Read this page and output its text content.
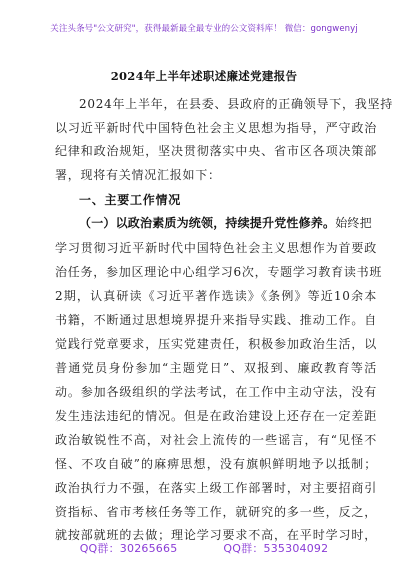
关注头条号"公文研究"，获得最新最全最专业的公文资料库！ 微信：gongwenyj
2024年上半年述职述廉述党建报告
2024年上半年，在县委、县政府的正确领导下，我坚持
以习近平新时代中国特色社会主义思想为指导，严守政治
纪律和政治规矩，坚决贯彻落实中央、省市区各项决策部
署，现将有关情况汇报如下：
一、主要工作情况
（一）以政治素质为统领，持续提升党性修养。始终把
学习贯彻习近平新时代中国特色社会主义思想作为首要政
治任务，参加区理论中心组学习6次，专题学习教育读书班
2期，认真研读《习近平著作选读》《条例》等近10余本
书籍，不断通过思想境界提升来指导实践、推动工作。自
觉践行党章要求，压实党建责任，积极参加政治生活，以
普通党员身份参加“主题党日”、双报到、廉政教育等活
动。参加各级组织的学法考试，在工作中主动守法，没有
发生违法违纪的情况。但是在政治建设上还存在一定差距
政治敏锐性不高，对社会上流传的一些谣言，有“见怪不
怪、不攻自破”的麻痹思想，没有旗帜鲜明地予以抵制；
政治执行力不强，在落实上级工作部署时，对主要招商引
资指标、省市考核任务等工作，就研究的多一些，反之，
就按部就班的去做；理论学习要求不高，在平时学习时，
QQ群：30265665	QQ群：535304092
